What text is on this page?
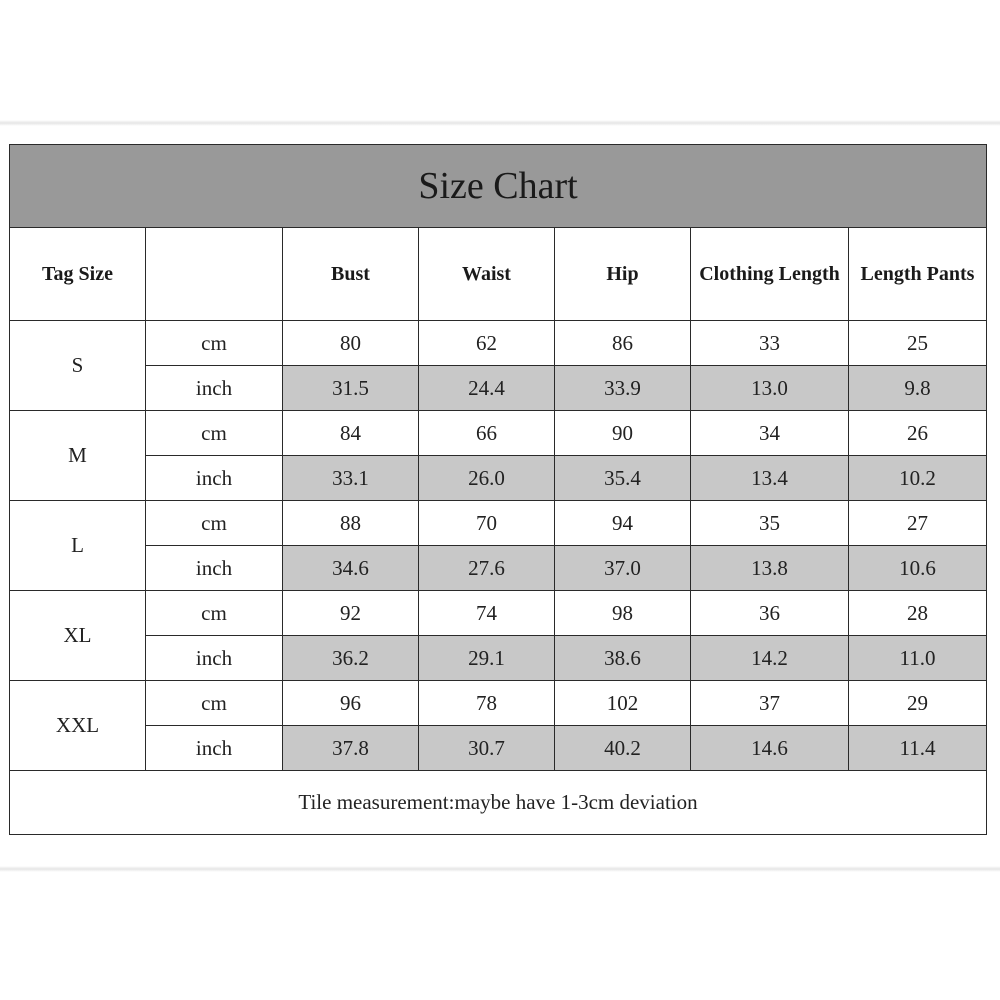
Size Chart						
Tag Size		Bust	Waist	Hip	Clothing Length	Length Pants
S	cm	80	62	86	33	25
	inch	31.5	24.4	33.9	13.0	9.8
M	cm	84	66	90	34	26
	inch	33.1	26.0	35.4	13.4	10.2
L	cm	88	70	94	35	27
	inch	34.6	27.6	37.0	13.8	10.6
XL	cm	92	74	98	36	28
	inch	36.2	29.1	38.6	14.2	11.0
XXL	cm	96	78	102	37	29
	inch	37.8	30.7	40.2	14.6	11.4
Tile measurement:maybe have 1-3cm deviation						
